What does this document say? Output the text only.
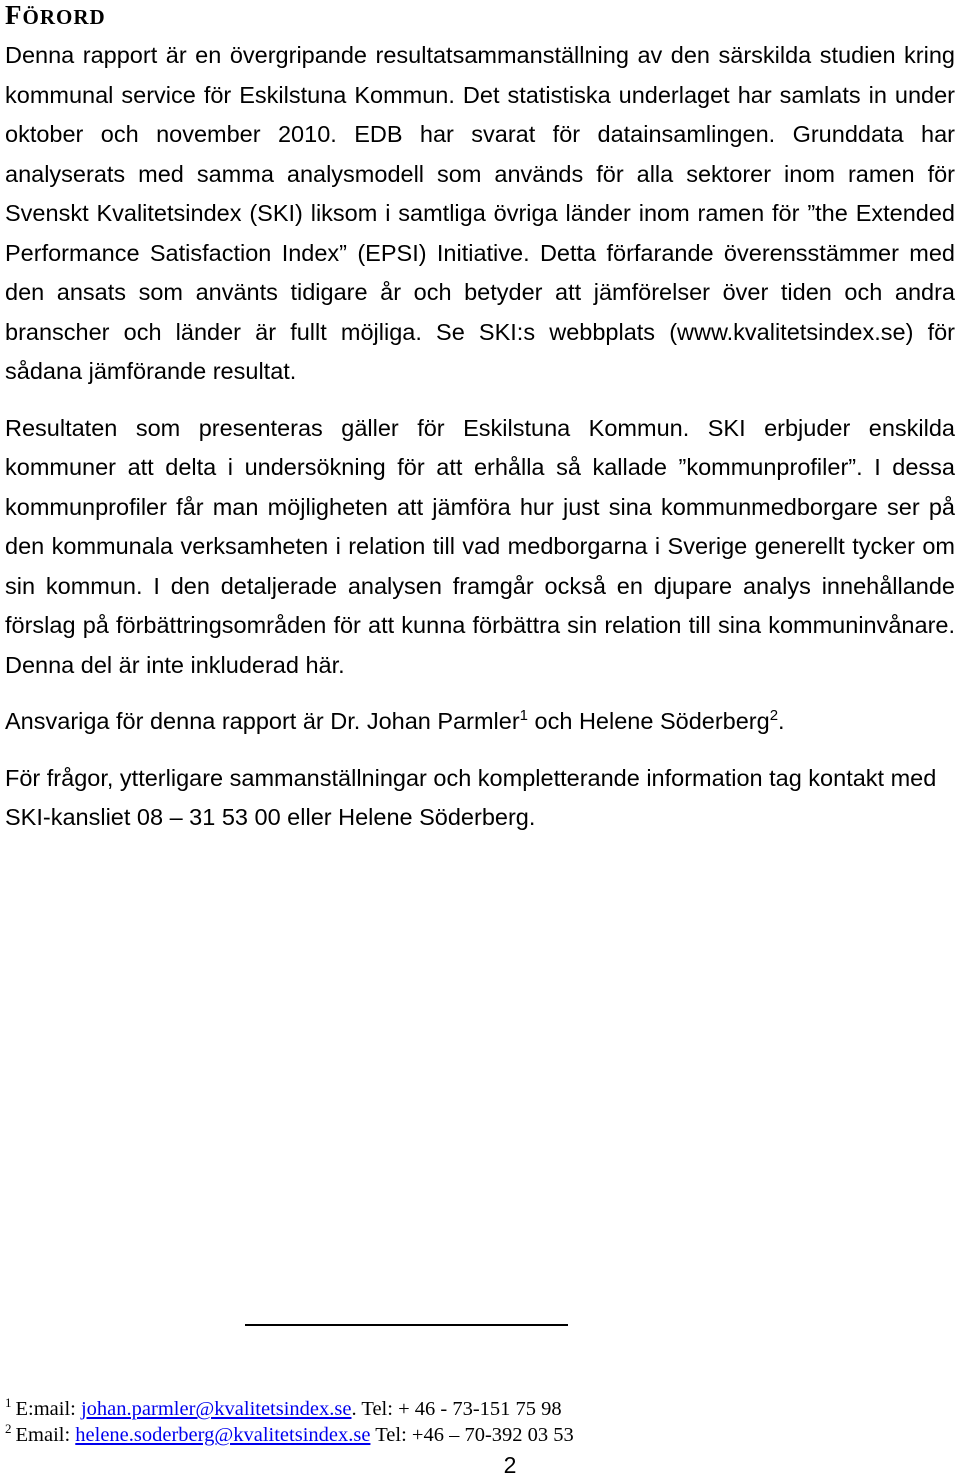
FÖRORD

Denna rapport är en övergripande resultatsammanställning av den särskilda studien kring kommunal service för Eskilstuna Kommun. Det statistiska underlaget har samlats in under oktober och november 2010. EDB har svarat för datainsamlingen. Grunddata har analyserats med samma analysmodell som används för alla sektorer inom ramen för Svenskt Kvalitetsindex (SKI) liksom i samtliga övriga länder inom ramen för ”the Extended Performance Satisfaction Index” (EPSI) Initiative. Detta förfarande överensstämmer med den ansats som använts tidigare år och betyder att jämförelser över tiden och andra branscher och länder är fullt möjliga. Se SKI:s webbplats (www.kvalitetsindex.se) för sådana jämförande resultat.

Resultaten som presenteras gäller för Eskilstuna Kommun. SKI erbjuder enskilda kommuner att delta i undersökning för att erhålla så kallade ”kommunprofiler”. I dessa kommunprofiler får man möjligheten att jämföra hur just sina kommunmedborgare ser på den kommunala verksamheten i relation till vad medborgarna i Sverige generellt tycker om sin kommun. I den detaljerade analysen framgår också en djupare analys innehållande förslag på förbättringsområden för att kunna förbättra sin relation till sina kommuninvånare. Denna del är inte inkluderad här.

Ansvariga för denna rapport är Dr. Johan Parmler$^1$ och Helene Söderberg$^2$.

För frågor, ytterligare sammanställningar och kompletterande information tag kontakt med SKI-kansliet 08 – 31 53 00 eller Helene Söderberg.

$^1$ E:mail: johan.parmler@kvalitetsindex.se. Tel: + 46 - 73-151 75 98
$^2$ Email: helene.soderberg@kvalitetsindex.se Tel: +46 – 70-392 03 53
2
